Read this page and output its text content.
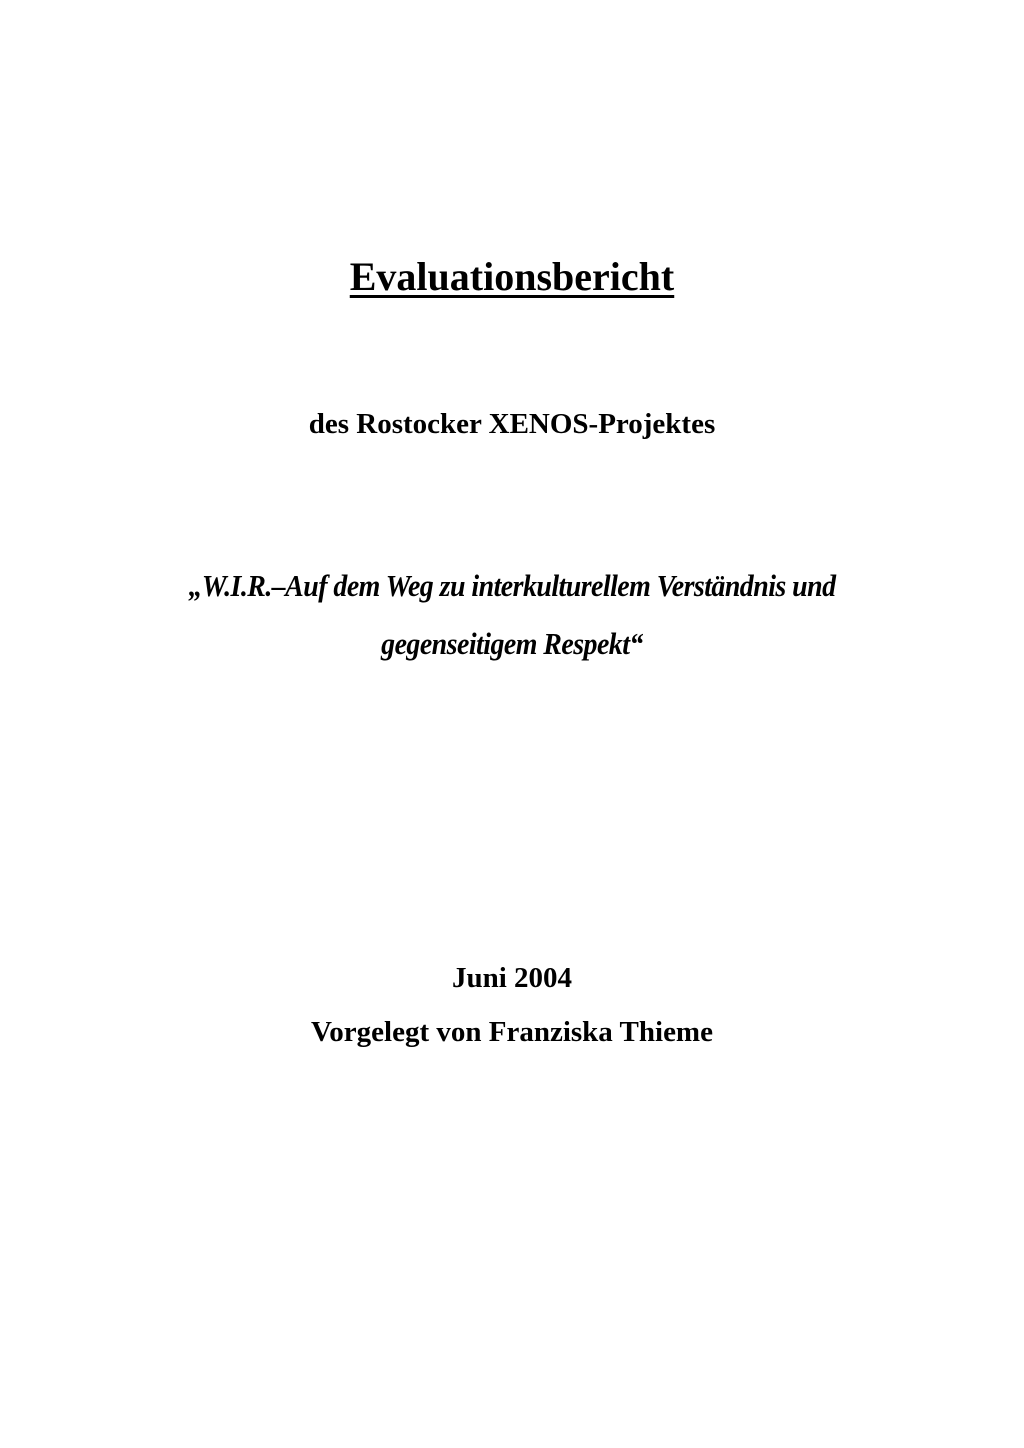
Evaluationsbericht
des Rostocker XENOS-Projektes
„W.I.R.–Auf dem Weg zu interkulturellem Verständnis und
gegenseitigem Respekt“
Juni 2004
Vorgelegt von Franziska Thieme
